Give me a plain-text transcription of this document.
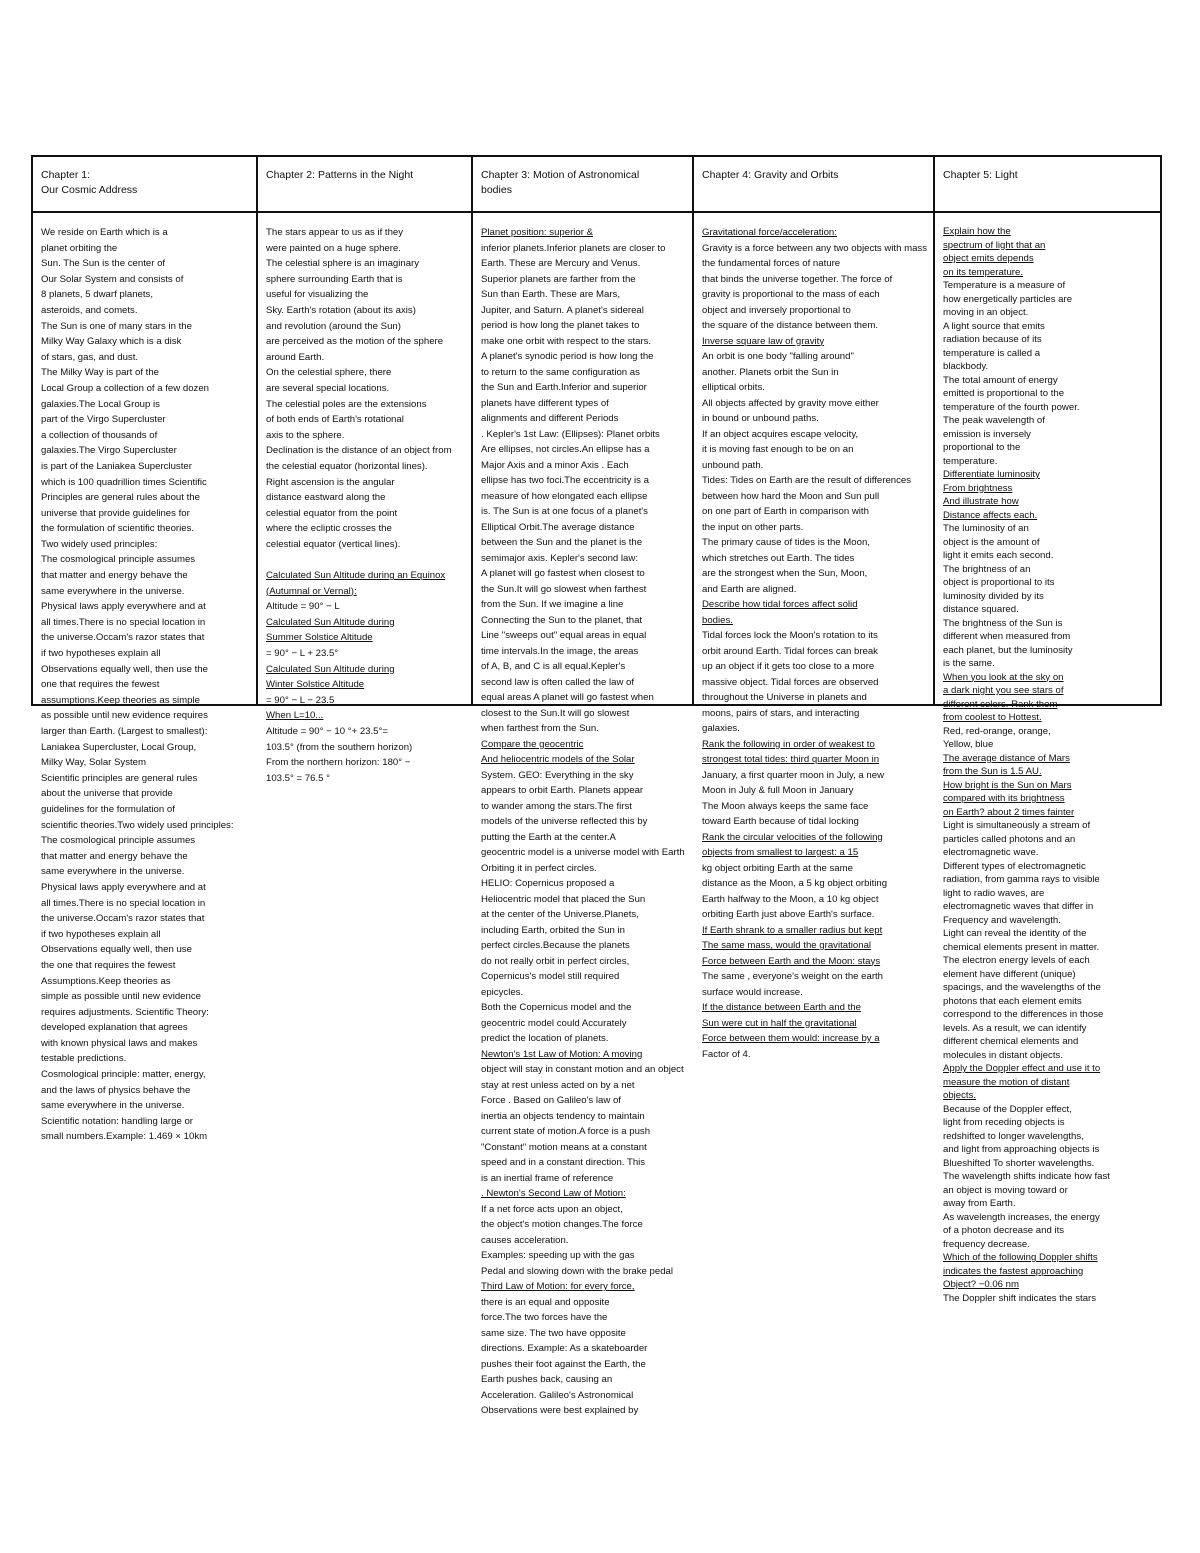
Chapter 1:
Our Cosmic Address
We reside on Earth which is a
planet orbiting the
Sun. The Sun is the center of
Our Solar System and consists of
8 planets, 5 dwarf planets,
asteroids, and comets.
The Sun is one of many stars in the
Milky Way Galaxy which is a disk
of stars, gas, and dust.
The Milky Way is part of the
Local Group a collection of a few dozen
galaxies.The Local Group is
part of the Virgo Supercluster
a collection of thousands of
galaxies.The Virgo Supercluster
is part of the Laniakea Supercluster
which is 100 quadrillion times Scientific
Principles are general rules about the
universe that provide guidelines for
the formulation of scientific theories.
Two widely used principles:
The cosmological principle assumes
that matter and energy behave the
same everywhere in the universe.
Physical laws apply everywhere and at
all times.There is no special location in
the universe.Occam's razor states that
if two hypotheses explain all
Observations equally well, then use the
one that requires the fewest
assumptions.Keep theories as simple
as possible until new evidence requires
larger than Earth. (Largest to smallest):
Laniakea Supercluster, Local Group,
Milky Way, Solar System
Scientific principles are general rules
about the universe that provide
guidelines for the formulation of
scientific theories.Two widely used principles:
The cosmological principle assumes
that matter and energy behave the
same everywhere in the universe.
Physical laws apply everywhere and at
all times.There is no special location in
the universe.Occam's razor states that
if two hypotheses explain all
Observations equally well, then use
the one that requires the fewest
Assumptions.Keep theories as
simple as possible until new evidence
requires adjustments. Scientific Theory:
developed explanation that agrees
with known physical laws and makes
testable predictions.
Cosmological principle: matter, energy,
and the laws of physics behave the
same everywhere in the universe.
Scientific notation: handling large or
small numbers.Example: 1.469 × 10km
Chapter 2: Patterns in the Night
The stars appear to us as if they
were painted on a huge sphere.
The celestial sphere is an imaginary
sphere surrounding Earth that is
useful for visualizing the
Sky. Earth's rotation (about its axis)
and revolution (around the Sun)
are perceived as the motion of the sphere
around Earth.
On the celestial sphere, there
are several special locations.
The celestial poles are the extensions
of both ends of Earth's rotational
axis to the sphere.
Declination is the distance of an object from
the celestial equator (horizontal lines).
Right ascension is the angular
distance eastward along the
celestial equator from the point
where the ecliptic crosses the
celestial equator (vertical lines).

Calculated Sun Altitude during an Equinox
(Autumnal or Vernal):
Altitude = 90° − L
Calculated Sun Altitude during
Summer Solstice Altitude
= 90° − L + 23.5°
Calculated Sun Altitude during
Winter Solstice Altitude
= 90° − L − 23.5
When L=10...
Altitude = 90° − 10 °+ 23.5°=
103.5° (from the southern horizon)
From the northern horizon: 180° −
103.5° = 76.5 °
Chapter 3: Motion of Astronomical
bodies
Planet position: superior &
inferior planets.Inferior planets are closer to
Earth. These are Mercury and Venus.
Superior planets are farther from the
Sun than Earth. These are Mars,
Jupiter, and Saturn. A planet's sidereal
period is how long the planet takes to
make one orbit with respect to the stars.
A planet's synodic period is how long the
to return to the same configuration as
the Sun and Earth.Inferior and superior
planets have different types of
alignments and different Periods
. Kepler's 1st Law: (Ellipses): Planet orbits
Are ellipses, not circles.An ellipse has a
Major Axis and a minor Axis . Each
ellipse has two foci.The eccentricity is a
measure of how elongated each ellipse
is. The Sun is at one focus of a planet's
Elliptical Orbit.The average distance
between the Sun and the planet is the
semimajor axis. Kepler's second law:
A planet will go fastest when closest to
the Sun.It will go slowest when farthest
from the Sun. If we imagine a line
Connecting the Sun to the planet, that
Line "sweeps out" equal areas in equal
time intervals.In the image, the areas
of A, B, and C is all equal.Kepler's
second law is often called the law of
equal areas A planet will go fastest when
closest to the Sun.It will go slowest
when farthest from the Sun.
Compare the geocentric
And heliocentric models of the Solar
System. GEO: Everything in the sky
appears to orbit Earth. Planets appear
to wander among the stars.The first
models of the universe reflected this by
putting the Earth at the center.A
geocentric model is a universe model with Earth
Orbiting it in perfect circles.
HELIO: Copernicus proposed a
Heliocentric model that placed the Sun
at the center of the Universe.Planets,
including Earth, orbited the Sun in
perfect circles.Because the planets
do not really orbit in perfect circles,
Copernicus's model still required
epicycles.
Both the Copernicus model and the
geocentric model could Accurately
predict the location of planets.
Newton's 1st Law of Motion: A moving
object will stay in constant motion and an object
stay at rest unless acted on by a net
Force . Based on Galileo's law of
inertia an objects tendency to maintain
current state of motion.A force is a push
"Constant" motion means at a constant
speed and in a constant direction. This
is an inertial frame of reference
. Newton's Second Law of Motion:
If a net force acts upon an object,
the object's motion changes.The force
causes acceleration.
Examples: speeding up with the gas
Pedal and slowing down with the brake pedal
Third Law of Motion: for every force,
there is an equal and opposite
force.The two forces have the
same size. The two have opposite
directions. Example: As a skateboarder
pushes their foot against the Earth, the
Earth pushes back, causing an
Acceleration. Galileo's Astronomical
Observations were best explained by
Chapter 4: Gravity and Orbits
Gravitational force/acceleration:
Gravity is a force between any two objects with mass
the fundamental forces of nature
that binds the universe together. The force of
gravity is proportional to the mass of each
object and inversely proportional to
the square of the distance between them.
Inverse square law of gravity
An orbit is one body "falling around"
another. Planets orbit the Sun in
elliptical orbits.
All objects affected by gravity move either
in bound or unbound paths.
If an object acquires escape velocity,
it is moving fast enough to be on an
unbound path.
Tides: Tides on Earth are the result of differences
between how hard the Moon and Sun pull
on one part of Earth in comparison with
the input on other parts.
The primary cause of tides is the Moon,
which stretches out Earth. The tides
are the strongest when the Sun, Moon,
and Earth are aligned.
Describe how tidal forces affect solid
bodies.
Tidal forces lock the Moon's rotation to its
orbit around Earth. Tidal forces can break
up an object if it gets too close to a more
massive object. Tidal forces are observed
throughout the Universe in planets and
moons, pairs of stars, and interacting
galaxies.
Rank the following in order of weakest to
strongest total tides: third quarter Moon in
January, a first quarter moon in July, a new
Moon in July & full Moon in January
The Moon always keeps the same face
toward Earth because of tidal locking
Rank the circular velocities of the following
objects from smallest to largest: a 15
kg object orbiting Earth at the same
distance as the Moon, a 5 kg object orbiting
Earth halfway to the Moon, a 10 kg object
orbiting Earth just above Earth's surface.
If Earth shrank to a smaller radius but kept
The same mass, would the gravitational
Force between Earth and the Moon: stays
The same , everyone's weight on the earth
surface would increase.
If the distance between Earth and the
Sun were cut in half the gravitational
Force between them would: increase by a
Factor of 4.
Chapter 5: Light
Explain how the
spectrum of light that an
object emits depends
on its temperature.
Temperature is a measure of
how energetically particles are
moving in an object.
A light source that emits
radiation because of its
temperature is called a
blackbody.
The total amount of energy
emitted is proportional to the
temperature of the fourth power.
The peak wavelength of
emission is inversely
proportional to the
temperature.
Differentiate luminosity
From brightness
And illustrate how
Distance affects each.
The luminosity of an
object is the amount of
light it emits each second.
The brightness of an
object is proportional to its
luminosity divided by its
distance squared.
The brightness of the Sun is
different when measured from
each planet, but the luminosity
is the same.
When you look at the sky on
a dark night you see stars of
different colors. Rank them
from coolest to Hottest.
Red, red-orange, orange,
Yellow, blue
The average distance of Mars
from the Sun is 1.5 AU.
How bright is the Sun on Mars
compared with its brightness
on Earth? about 2 times fainter
Light is simultaneously a stream of
particles called photons and an
electromagnetic wave.
Different types of electromagnetic
radiation, from gamma rays to visible
light to radio waves, are
electromagnetic waves that differ in
Frequency and wavelength.
Light can reveal the identity of the
chemical elements present in matter.
The electron energy levels of each
element have different (unique)
spacings, and the wavelengths of the
photons that each element emits
correspond to the differences in those
levels. As a result, we can identify
different chemical elements and
molecules in distant objects.
Apply the Doppler effect and use it to
measure the motion of distant
objects.
Because of the Doppler effect,
light from receding objects is
redshifted to longer wavelengths,
and light from approaching objects is
Blueshifted To shorter wavelengths.
The wavelength shifts indicate how fast
an object is moving toward or
away from Earth.
As wavelength increases, the energy
of a photon decrease and its
frequency decrease.
Which of the following Doppler shifts
indicates the fastest approaching
Object? −0.06 nm
The Doppler shift indicates the stars
